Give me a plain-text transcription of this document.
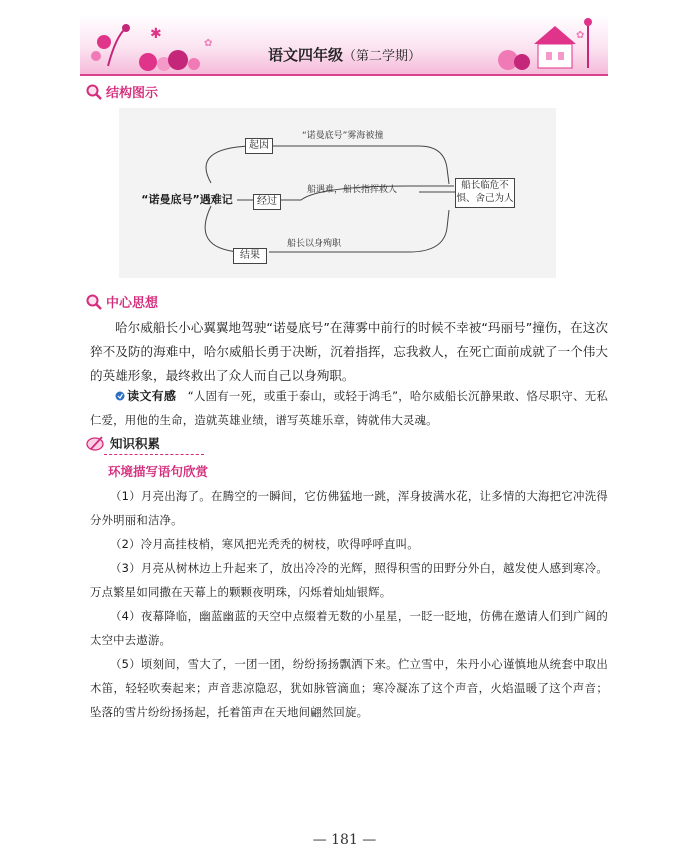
✱
✿
✿
语文四年级（第二学期）
结构图示
“诺曼底号”遇难记
起因
“诺曼底号”雾海被撞
经过
船遇难，船长指挥救人
结果
船长以身殉职
船长临危不惧、舍己为人
中心思想
哈尔威船长小心翼翼地驾驶“诺曼底号”在薄雾中前行的时候不幸被“玛丽号”撞伤，在这次猝不及防的海难中，哈尔威船长勇于决断，沉着指挥，忘我救人，在死亡面前成就了一个伟大的英雄形象，最终救出了众人而自己以身殉职。
读文有感　 “人固有一死，或重于泰山，或轻于鸿毛”，哈尔威船长沉静果敢、恪尽职守、无私仁爱，用他的生命，造就英雄业绩，谱写英雄乐章，铸就伟大灵魂。
知识积累
环境描写语句欣赏
（1）月亮出海了。在腾空的一瞬间，它仿佛猛地一跳，浑身披满水花，让多情的大海把它冲洗得分外明丽和洁净。
（2）冷月高挂枝梢，寒风把光秃秃的树枝，吹得呼呼直叫。
（3）月亮从树林边上升起来了，放出冷冷的光辉，照得积雪的田野分外白，越发使人感到寒冷。万点繁星如同撒在天幕上的颗颗夜明珠，闪烁着灿灿银辉。
（4）夜幕降临，幽蓝幽蓝的天空中点缀着无数的小星星，一眨一眨地，仿佛在邀请人们到广阔的太空中去遨游。
（5）顷刻间，雪大了，一团一团，纷纷扬扬飘洒下来。伫立雪中，朱丹小心谨慎地从统套中取出木笛，轻轻吹奏起来；声音悲凉隐忍，犹如脉管滴血；寒冷凝冻了这个声音，火焰温暖了这个声音；坠落的雪片纷纷扬扬起，托着笛声在天地间翩然回旋。
— 181 —
